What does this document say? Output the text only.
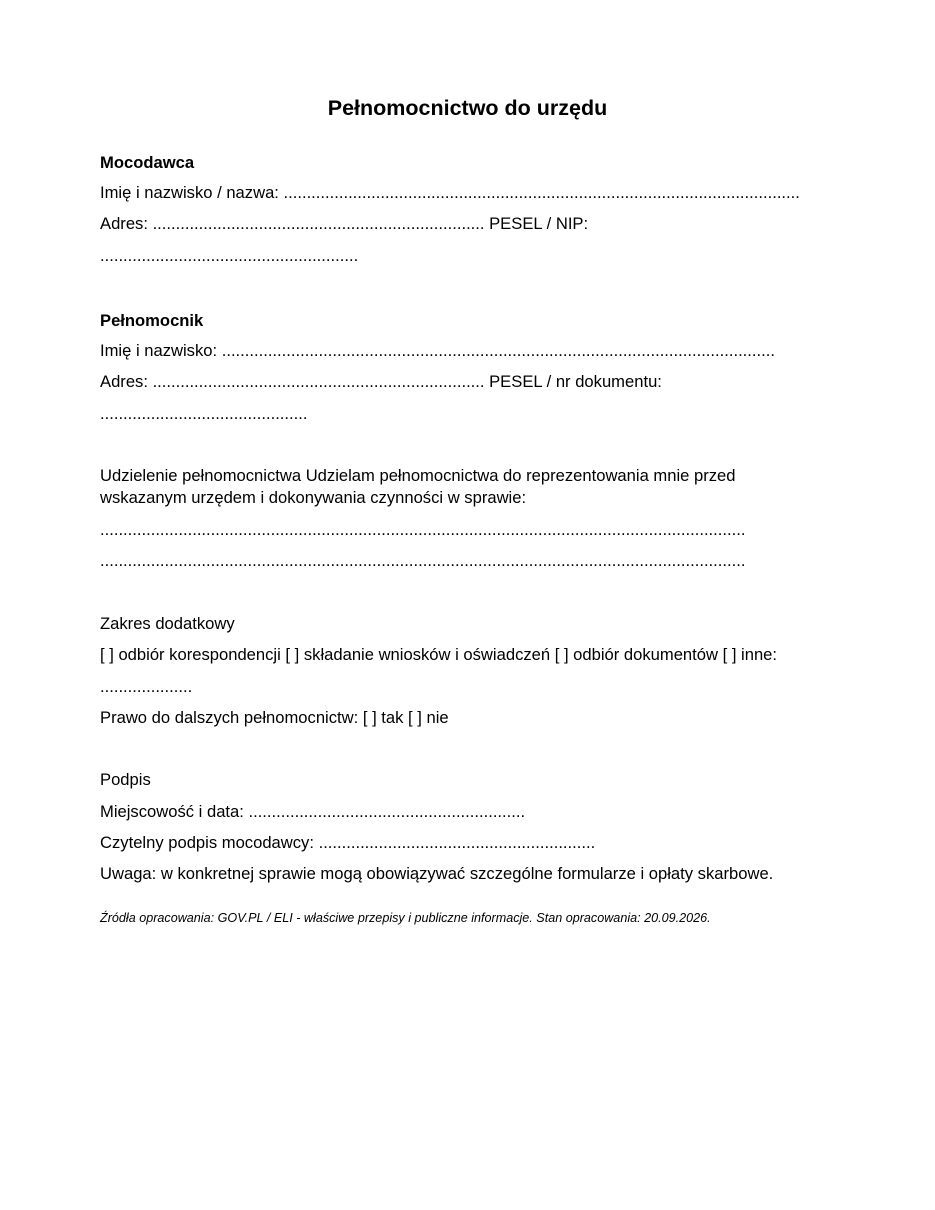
Pełnomocnictwo do urzędu
Mocodawca
Imię i nazwisko / nazwa: ................................................................................................................
Adres: ........................................................................ PESEL / NIP:
........................................................
Pełnomocnik
Imię i nazwisko: ........................................................................................................................
Adres: ........................................................................ PESEL / nr dokumentu:
.............................................
Udzielenie pełnomocnictwa Udzielam pełnomocnictwa do reprezentowania mnie przed wskazanym urzędem i dokonywania czynności w sprawie:
............................................................................................................................................
............................................................................................................................................
Zakres dodatkowy
[ ] odbiór korespondencji [ ] składanie wniosków i oświadczeń [ ] odbiór dokumentów [ ] inne:
....................
Prawo do dalszych pełnomocnictw: [ ] tak [ ] nie
Podpis
Miejscowość i data: ............................................................
Czytelny podpis mocodawcy: ............................................................
Uwaga: w konkretnej sprawie mogą obowiązywać szczególne formularze i opłaty skarbowe.
Źródła opracowania: GOV.PL / ELI - właściwe przepisy i publiczne informacje. Stan opracowania: 20.09.2026.
